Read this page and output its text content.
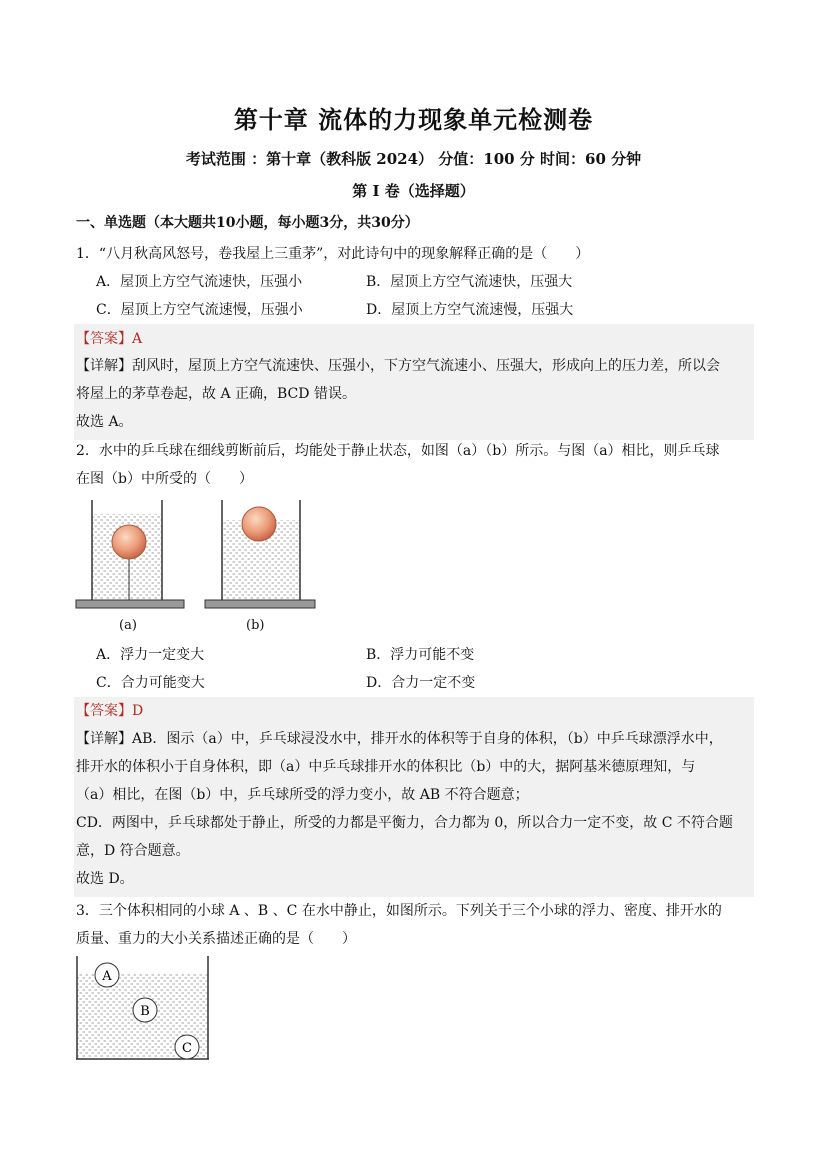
第十章 流体的力现象单元检测卷
考试范围 ：第十章（教科版 2024） 分值：100 分 时间：60 分钟
第 I 卷（选择题）
一、单选题（本大题共10小题，每小题3分，共30分）
1．“八月秋高风怒号，卷我屋上三重茅”，对此诗句中的现象解释正确的是（　　）
A．屋顶上方空气流速快，压强小	B．屋顶上方空气流速快，压强大
C．屋顶上方空气流速慢，压强小	D．屋顶上方空气流速慢，压强大
【答案】A
【详解】刮风时，屋顶上方空气流速快、压强小，下方空气流速小、压强大，形成向上的压力差，所以会
将屋上的茅草卷起，故 A 正确，BCD 错误。
故选 A。
2．水中的乒乓球在细线剪断前后，均能处于静止状态，如图（a）（b）所示。与图（a）相比，则乒乓球
在图（b）中所受的（　　）
(a)	(b)
A．浮力一定变大	B．浮力可能不变
C．合力可能变大	D．合力一定不变
【答案】D
【详解】AB．图示（a）中，乒乓球浸没水中，排开水的体积等于自身的体积，（b）中乒乓球漂浮水中，
排开水的体积小于自身体积，即（a）中乒乓球排开水的体积比（b）中的大，据阿基米德原理知，与
（a）相比，在图（b）中，乒乓球所受的浮力变小，故 AB 不符合题意；
CD．两图中，乒乓球都处于静止，所受的力都是平衡力，合力都为 0，所以合力一定不变，故 C 不符合题
意，D 符合题意。
故选 D。
3．三个体积相同的小球 A 、B 、C 在水中静止，如图所示。下列关于三个小球的浮力、密度、排开水的
质量、重力的大小关系描述正确的是（　　）
A
B
C
